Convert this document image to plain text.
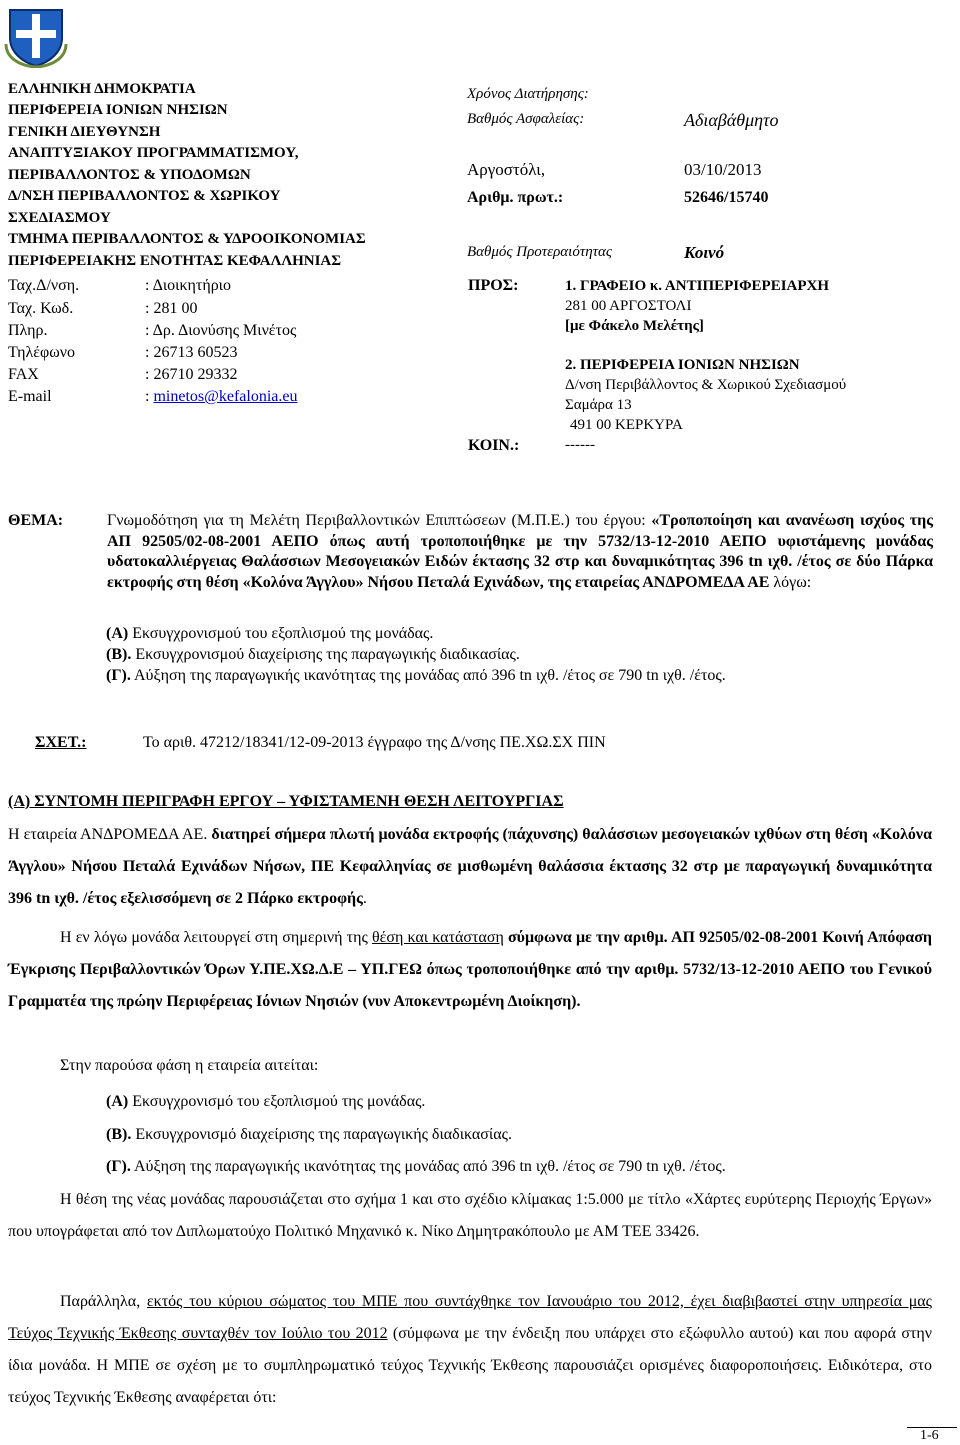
ΕΛΛΗΝΙΚΗ ΔΗΜΟΚΡΑΤΙΑ
ΠΕΡΙΦΕΡΕΙΑ ΙΟΝΙΩΝ ΝΗΣΙΩΝ
ΓΕΝΙΚΗ ΔΙΕΥΘΥΝΣΗ
ΑΝΑΠΤΥΞΙΑΚΟΥ ΠΡΟΓΡΑΜΜΑΤΙΣΜΟΥ,
ΠΕΡΙΒΑΛΛΟΝΤΟΣ & ΥΠΟΔΟΜΩΝ
Δ/ΝΣΗ ΠΕΡΙΒΑΛΛΟΝΤΟΣ & ΧΩΡΙΚΟΥ
ΣΧΕΔΙΑΣΜΟΥ
ΤΜΗΜΑ ΠΕΡΙΒΑΛΛΟΝΤΟΣ & ΥΔΡΟΟΙΚΟΝΟΜΙΑΣ
ΠΕΡΙΦΕΡΕΙΑΚΗΣ ΕΝΟΤΗΤΑΣ ΚΕΦΑΛΛΗΝΙΑΣ
Ταχ.Δ/νση.	: Διοικητήριο
Ταχ. Κωδ.	: 281 00
Πληρ.	: Δρ. Διονύσης Μινέτος
Τηλέφωνο	: 26713 60523
FAX	: 26710 29332
E-mail	: minetos@kefalonia.eu
Χρόνος Διατήρησης:
Βαθμός Ασφαλείας:	Αδιαβάθμητο
Αργοστόλι,	03/10/2013
Αριθμ. πρωτ.:	52646/15740
Βαθμός Προτεραιότητας	Κοινό
ΠΡΟΣ:	1. ΓΡΑΦΕΙΟ κ. ΑΝΤΙΠΕΡΙΦΕΡΕΙΑΡΧΗ
281 00 ΑΡΓΟΣΤΟΛΙ
[με Φάκελο Μελέτης]
2. ΠΕΡΙΦΕΡΕΙΑ ΙΟΝΙΩΝ ΝΗΣΙΩΝ
Δ/νση Περιβάλλοντος & Χωρικού Σχεδιασμού
Σαμάρα 13
491 00 ΚΕΡΚΥΡΑ
ΚΟΙΝ.:	------
ΘΕΜΑ:	Γνωμοδότηση για τη Μελέτη Περιβαλλοντικών Επιπτώσεων (Μ.Π.Ε.) του έργου: «Τροποποίηση και ανανέωση ισχύος της ΑΠ 92505/02-08-2001 ΑΕΠΟ όπως αυτή τροποποιήθηκε με την 5732/13-12-2010 ΑΕΠΟ υφιστάμενης μονάδας υδατοκαλλιέργειας Θαλάσσιων Μεσογειακών Ειδών έκτασης 32 στρ και δυναμικότητας 396 tn ιχθ. /έτος σε δύο Πάρκα εκτροφής στη θέση «Κολόνα Άγγλου» Νήσου Πεταλά Εχινάδων, της εταιρείας ΑΝΔΡΟΜΕΔΑ ΑΕ λόγω:
(Α) Εκσυγχρονισμού του εξοπλισμού της μονάδας.
(Β). Εκσυγχρονισμού διαχείρισης της παραγωγικής διαδικασίας.
(Γ). Αύξηση της παραγωγικής ικανότητας της μονάδας από 396 tn ιχθ. /έτος σε 790 tn ιχθ. /έτος.
ΣΧΕΤ.:	Το αριθ. 47212/18341/12-09-2013 έγγραφο της Δ/νσης ΠΕ.ΧΩ.ΣΧ ΠΙΝ
(Α) ΣΥΝΤΟΜΗ ΠΕΡΙΓΡΑΦΗ ΕΡΓΟΥ – ΥΦΙΣΤΑΜΕΝΗ ΘΕΣΗ ΛΕΙΤΟΥΡΓΙΑΣ
Η εταιρεία ΑΝΔΡΟΜΕΔΑ ΑΕ. διατηρεί σήμερα πλωτή μονάδα εκτροφής (πάχυνσης) θαλάσσιων μεσογειακών ιχθύων στη θέση «Κολόνα Άγγλου» Νήσου Πεταλά Εχινάδων Νήσων, ΠΕ Κεφαλληνίας σε μισθωμένη θαλάσσια έκτασης 32 στρ με παραγωγική δυναμικότητα 396 tn ιχθ. /έτος εξελισσόμενη σε 2 Πάρκο εκτροφής.
Η εν λόγω μονάδα λειτουργεί στη σημερινή της θέση και κατάσταση σύμφωνα με την αριθμ. ΑΠ 92505/02-08-2001 Κοινή Απόφαση Έγκρισης Περιβαλλοντικών Όρων Υ.ΠΕ.ΧΩ.Δ.Ε – ΥΠ.ΓΕΩ όπως τροποποιήθηκε από την αριθμ. 5732/13-12-2010 ΑΕΠΟ του Γενικού Γραμματέα της πρώην Περιφέρειας Ιόνιων Νησιών (νυν Αποκεντρωμένη Διοίκηση).
Στην παρούσα φάση η εταιρεία αιτείται:
(Α) Εκσυγχρονισμό του εξοπλισμού της μονάδας.
(Β). Εκσυγχρονισμό διαχείρισης της παραγωγικής διαδικασίας.
(Γ). Αύξηση της παραγωγικής ικανότητας της μονάδας από 396 tn ιχθ. /έτος σε 790 tn ιχθ. /έτος.
Η θέση της νέας μονάδας παρουσιάζεται στο σχήμα 1 και στο σχέδιο κλίμακας 1:5.000 με τίτλο «Χάρτες ευρύτερης Περιοχής Έργων» που υπογράφεται από τον Διπλωματούχο Πολιτικό Μηχανικό κ. Νίκο Δημητρακόπουλο με ΑΜ ΤΕΕ 33426.
Παράλληλα, εκτός του κύριου σώματος του ΜΠΕ που συντάχθηκε τον Ιανουάριο του 2012, έχει διαβιβαστεί στην υπηρεσία μας Τεύχος Τεχνικής Έκθεσης συνταχθέν τον Ιούλιο του 2012 (σύμφωνα με την ένδειξη που υπάρχει στο εξώφυλλο αυτού) και που αφορά στην ίδια μονάδα. Η ΜΠΕ σε σχέση με το συμπληρωματικό τεύχος Τεχνικής Έκθεσης παρουσιάζει ορισμένες διαφοροποιήσεις. Ειδικότερα, στο τεύχος Τεχνικής Έκθεσης αναφέρεται ότι:
1-6
